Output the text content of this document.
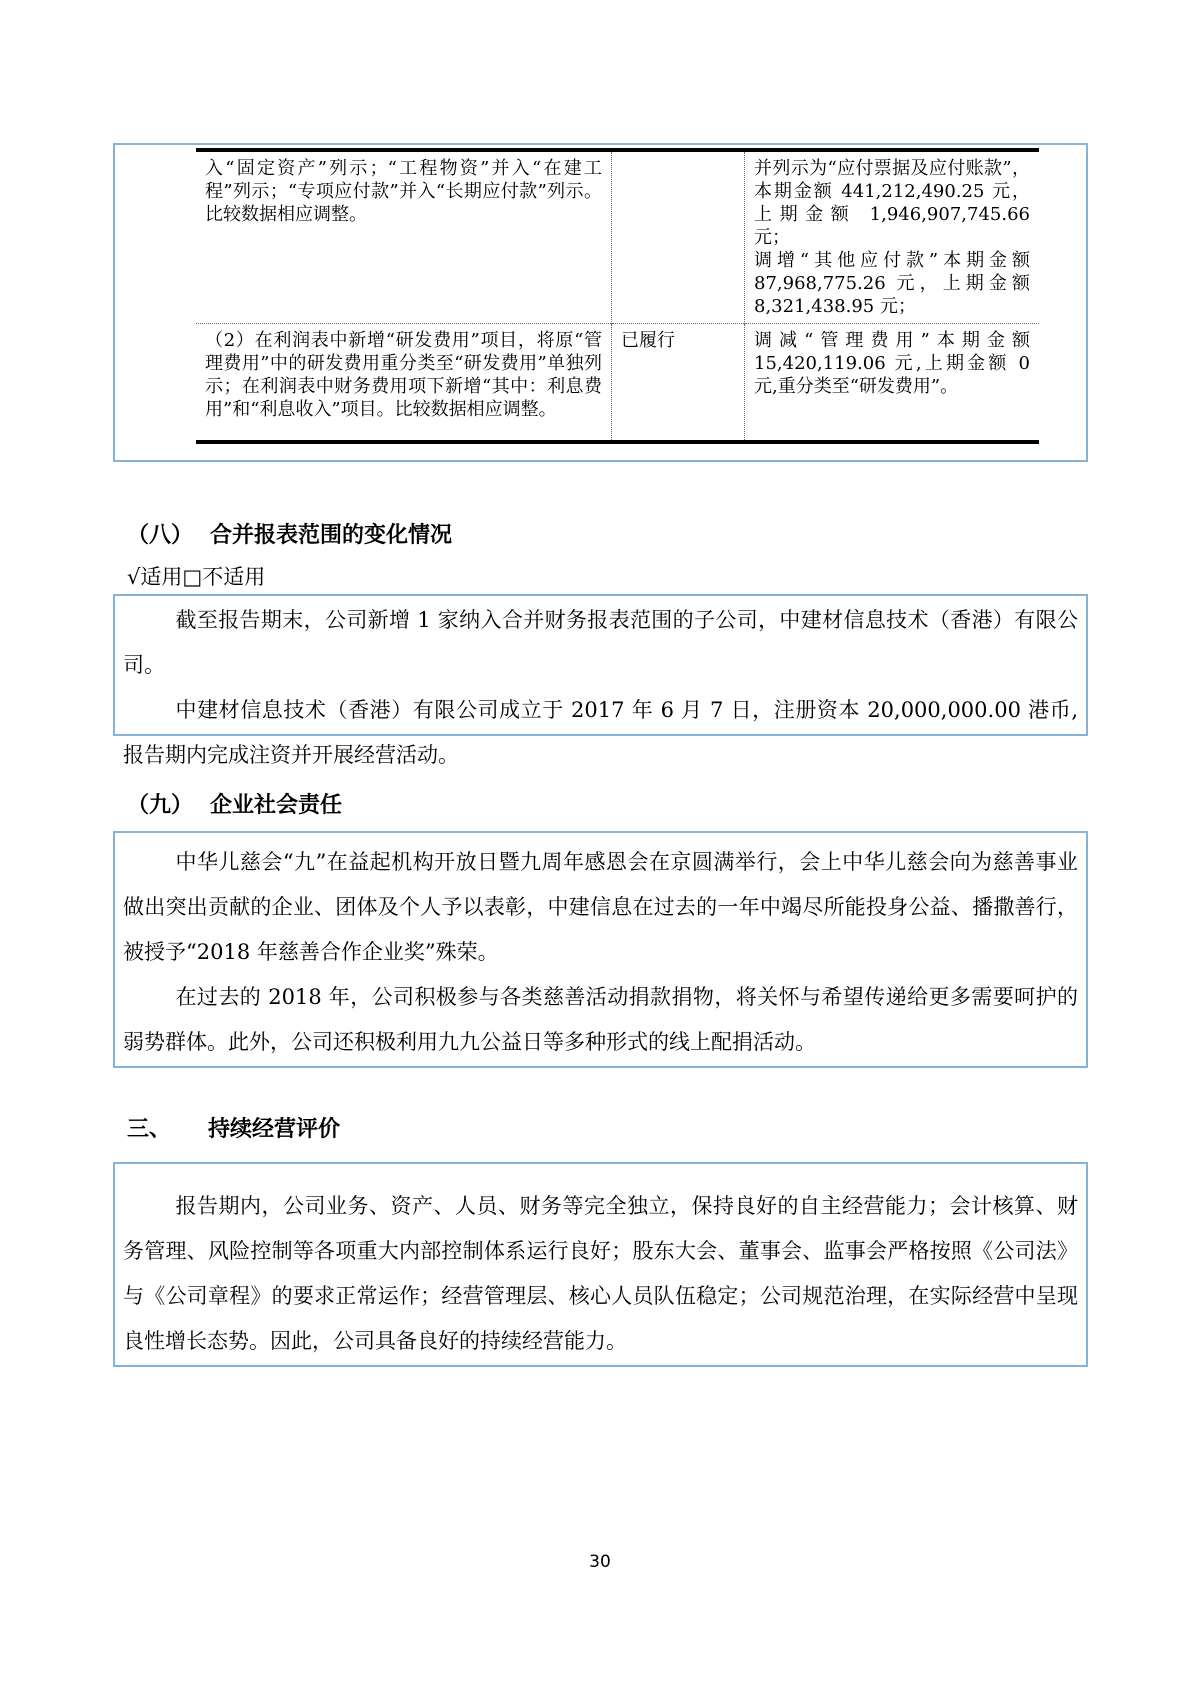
入“固定资产”列示；“工程物资”并入“在建工程”列示；“专项应付款”并入“长期应付款”列示。比较数据相应调整。		并列示为“应付票据及应付账款”，本期金额 441,212,490.25 元，上期金额 1,946,907,745.66 元；

调增“其他应付款”本期金额 87,968,775.26 元，上期金额 8,321,438.95 元；

（2）在利润表中新增“研发费用”项目，将原“管理费用”中的研发费用重分类至“研发费用”单独列示；在利润表中财务费用项下新增“其中：利息费用”和“利息收入”项目。比较数据相应调整。	已履行	调减“管理费用”本期金额 15,420,119.06 元,上期金额 0 元,重分类至“研发费用”。

（八） 合并报表范围的变化情况
√适用□不适用

截至报告期末，公司新增 1 家纳入合并财务报表范围的子公司，中建材信息技术（香港）有限公司。

中建材信息技术（香港）有限公司成立于 2017 年 6 月 7 日，注册资本 20,000,000.00 港币,报告期内完成注资并开展经营活动。

（九） 企业社会责任

中华儿慈会“九”在益起机构开放日暨九周年感恩会在京圆满举行，会上中华儿慈会向为慈善事业做出突出贡献的企业、团体及个人予以表彰，中建信息在过去的一年中竭尽所能投身公益、播撒善行，被授予“2018 年慈善合作企业奖”殊荣。

在过去的 2018 年，公司积极参与各类慈善活动捐款捐物，将关怀与希望传递给更多需要呵护的弱势群体。此外，公司还积极利用九九公益日等多种形式的线上配捐活动。

三、 持续经营评价

报告期内，公司业务、资产、人员、财务等完全独立，保持良好的自主经营能力；会计核算、财务管理、风险控制等各项重大内部控制体系运行良好；股东大会、董事会、监事会严格按照《公司法》与《公司章程》的要求正常运作；经营管理层、核心人员队伍稳定；公司规范治理，在实际经营中呈现良性增长态势。因此，公司具备良好的持续经营能力。

30
